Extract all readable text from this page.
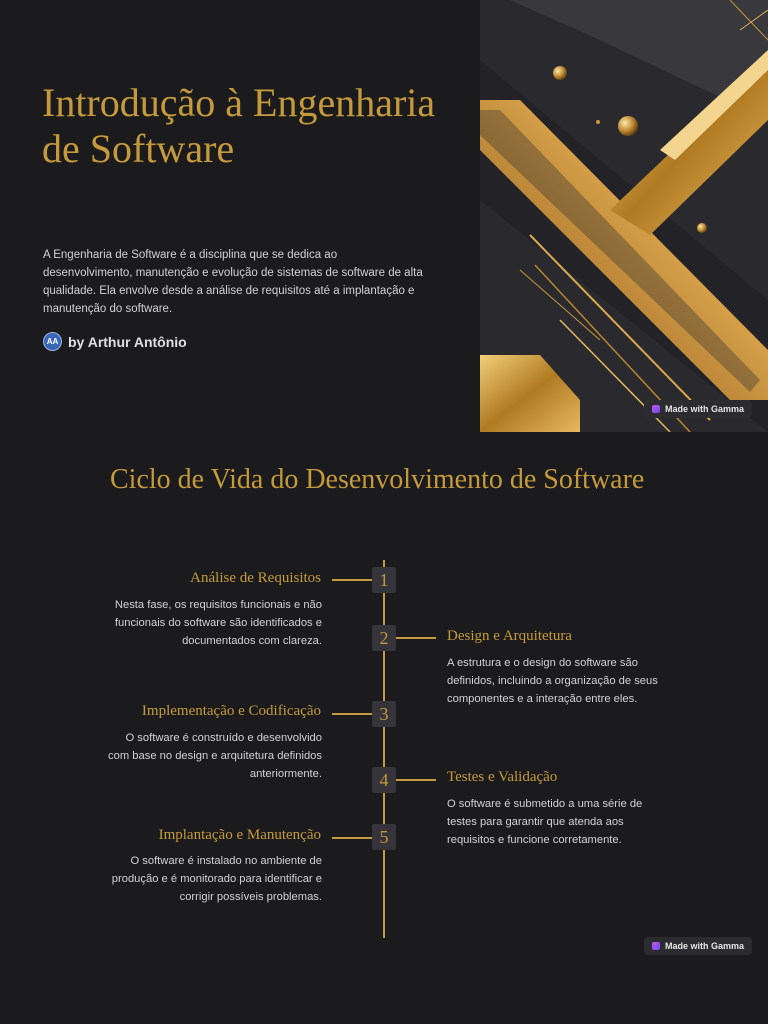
Introdução à Engenharia de Software

A Engenharia de Software é a disciplina que se dedica ao desenvolvimento, manutenção e evolução de sistemas de software de alta qualidade. Ela envolve desde a análise de requisitos até a implantação e manutenção do software.

AA by Arthur Antônio
Made with Gamma
Ciclo de Vida do Desenvolvimento de Software
Análise de Requisitos	1

Nesta fase, os requisitos funcionais e não funcionais do software são identificados e documentados com clareza.	2	Design e Arquitetura

A estrutura e o design do software são definidos, incluindo a organização de seus componentes e a interação entre eles.

Implementação e Codificação	3

O software é construído e desenvolvido com base no design e arquitetura definidos anteriormente.	4	Testes e Validação

O software é submetido a uma série de testes para garantir que atenda aos requisitos e funcione corretamente.

Implantação e Manutenção	5

O software é instalado no ambiente de produção e é monitorado para identificar e corrigir possíveis problemas.

Made with Gamma
